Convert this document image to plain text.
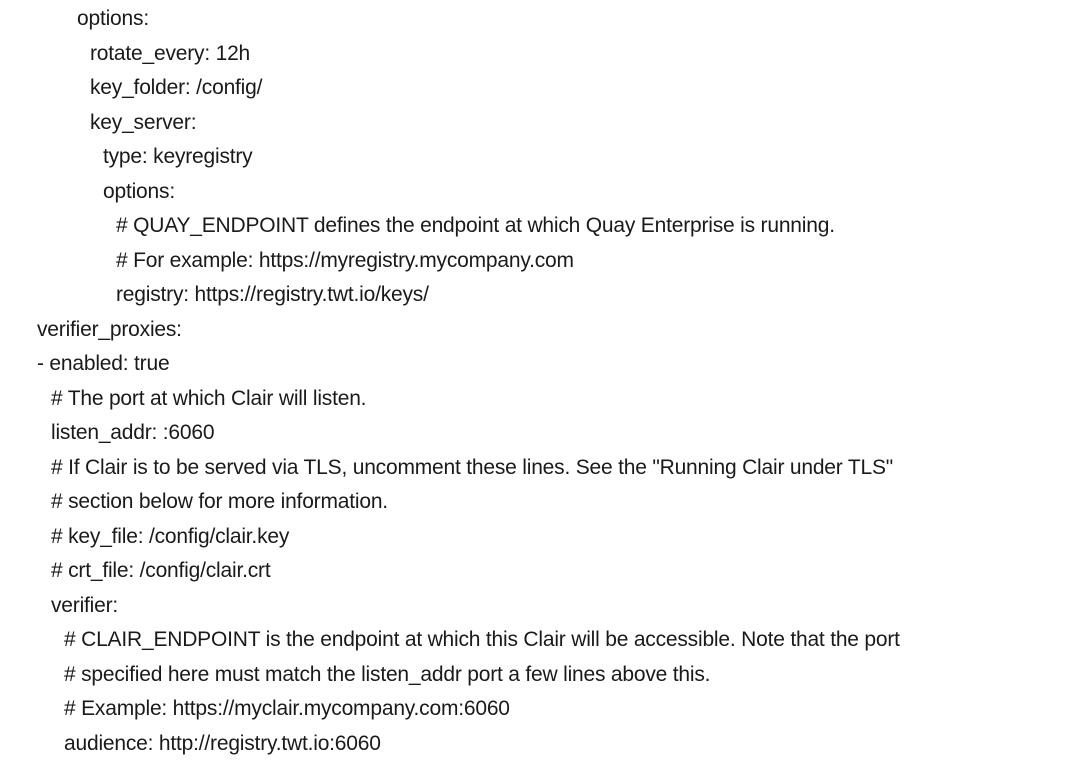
options:
rotate_every: 12h
key_folder: /config/
key_server:
type: keyregistry
options:
# QUAY_ENDPOINT defines the endpoint at which Quay Enterprise is running.
# For example: https://myregistry.mycompany.com
registry: https://registry.twt.io/keys/
verifier_proxies:
- enabled: true
# The port at which Clair will listen.
listen_addr: :6060
# If Clair is to be served via TLS, uncomment these lines. See the "Running Clair under TLS"
# section below for more information.
# key_file: /config/clair.key
# crt_file: /config/clair.crt
verifier:
# CLAIR_ENDPOINT is the endpoint at which this Clair will be accessible. Note that the port
# specified here must match the listen_addr port a few lines above this.
# Example: https://myclair.mycompany.com:6060
audience: http://registry.twt.io:6060
